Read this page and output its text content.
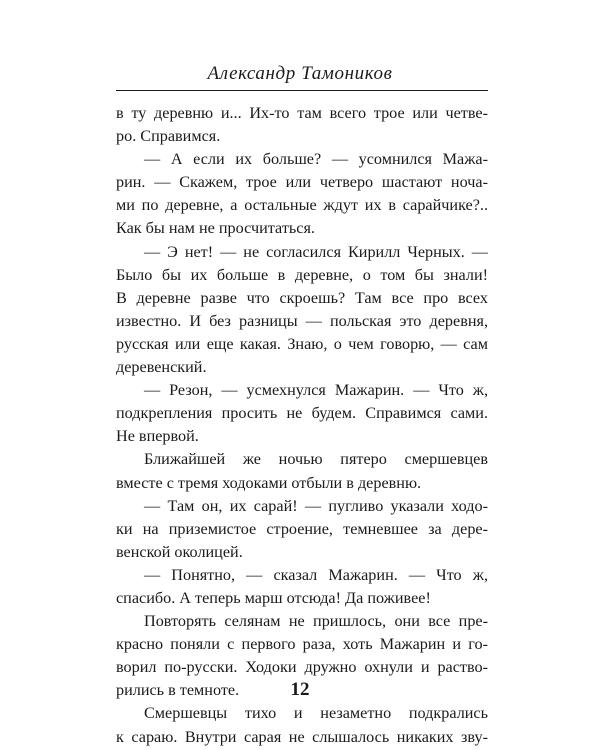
Александр Тамоников

в ту деревню и... Их-то там всего трое или четве-
ро. Справимся.

— А если их больше? — усомнился Мажа-
рин. — Скажем, трое или четверо шастают ноча-
ми по деревне, а остальные ждут их в сарайчике?..
Как бы нам не просчитаться.

— Э нет! — не согласился Кирилл Черных. —
Было бы их больше в деревне, о том бы знали!
В деревне разве что скроешь? Там все про всех
известно. И без разницы — польская это деревня,
русская или еще какая. Знаю, о чем говорю, — сам
деревенский.

— Резон, — усмехнулся Мажарин. — Что ж,
подкрепления просить не будем. Справимся сами.
Не впервой.

Ближайшей же ночью пятеро смершевцев
вместе с тремя ходоками отбыли в деревню.

— Там он, их сарай! — пугливо указали ходо-
ки на приземистое строение, темневшее за дере-
венской околицей.

— Понятно, — сказал Мажарин. — Что ж,
спасибо. А теперь марш отсюда! Да поживее!

Повторять селянам не пришлось, они все пре-
красно поняли с первого раза, хоть Мажарин и го-
ворил по-русски. Ходоки дружно охнули и раство-
рились в темноте.

Смершевцы тихо и незаметно подкрались
к сараю. Внутри сарая не слышалось никаких зву-

12
